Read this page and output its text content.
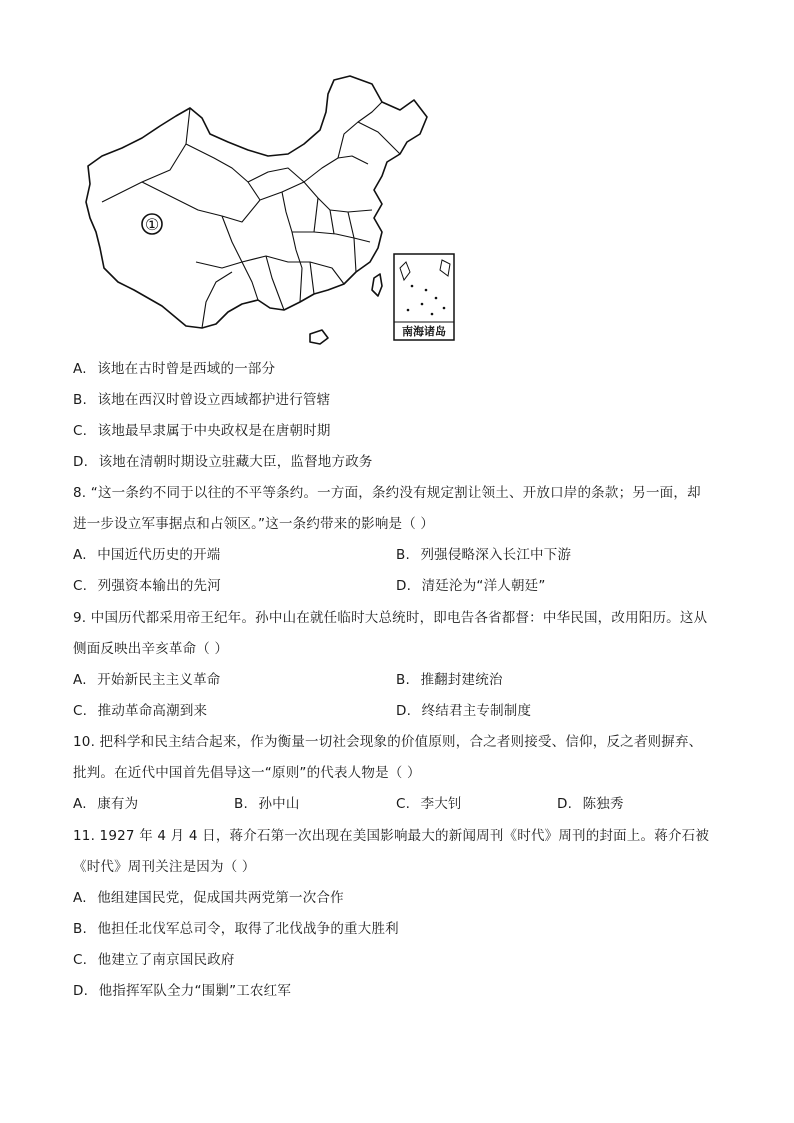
①
南海诸岛
A. 该地在古时曾是西域的一部分
B. 该地在西汉时曾设立西域都护进行管辖
C. 该地最早隶属于中央政权是在唐朝时期
D. 该地在清朝时期设立驻藏大臣，监督地方政务
8. “这一条约不同于以往的不平等条约。一方面，条约没有规定割让领土、开放口岸的条款；另一面，却
进一步设立军事据点和占领区。”这一条约带来的影响是（ ）
A. 中国近代历史的开端	B. 列强侵略深入长江中下游
C. 列强资本输出的先河	D. 清廷沦为“洋人朝廷”
9. 中国历代都采用帝王纪年。孙中山在就任临时大总统时，即电告各省都督：中华民国，改用阳历。这从
侧面反映出辛亥革命（ ）
A. 开始新民主主义革命	B. 推翻封建统治
C. 推动革命高潮到来	D. 终结君主专制制度
10. 把科学和民主结合起来，作为衡量一切社会现象的价值原则，合之者则接受、信仰，反之者则摒弃、
批判。在近代中国首先倡导这一“原则”的代表人物是（ ）
A. 康有为	B. 孙中山	C. 李大钊	D. 陈独秀
11. 1927 年 4 月 4 日，蒋介石第一次出现在美国影响最大的新闻周刊《时代》周刊的封面上。蒋介石被
《时代》周刊关注是因为（ ）
A. 他组建国民党，促成国共两党第一次合作
B. 他担任北伐军总司令，取得了北伐战争的重大胜利
C. 他建立了南京国民政府
D. 他指挥军队全力“围剿”工农红军
